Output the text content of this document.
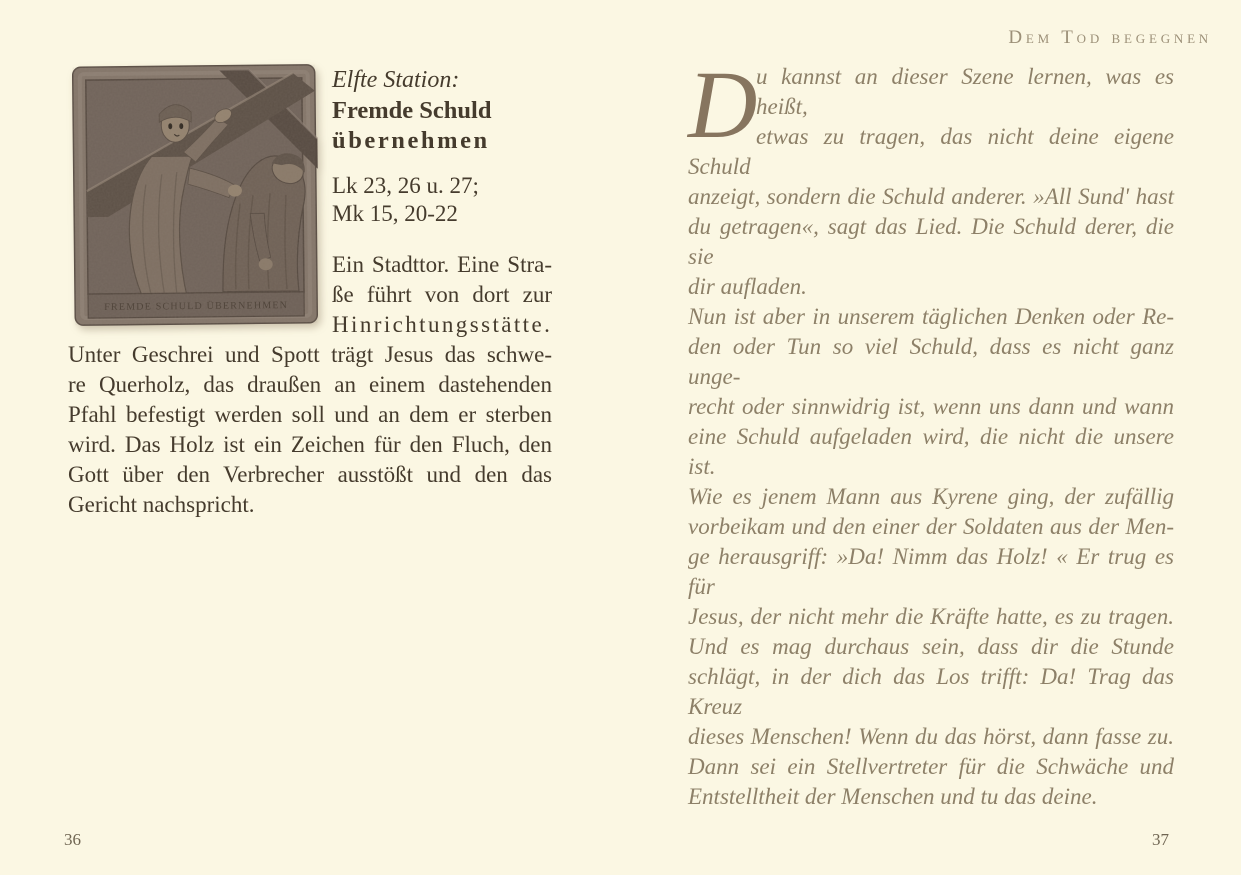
Dem Tod begegnen
Elfte Station:
Fremde Schuld
übernehmen
Lk 23, 26 u. 27;
Mk 15, 20-22
Ein Stadttor. Eine Stra-
ße führt von dort zur
Hinrichtungsstätte.
Unter Geschrei und Spott trägt Jesus das schwe-
re Querholz, das draußen an einem dastehenden
Pfahl befestigt werden soll und an dem er sterben
wird. Das Holz ist ein Zeichen für den Fluch, den
Gott über den Verbrecher ausstößt und den das
Gericht nachspricht.
36
D
u kannst an dieser Szene lernen, was es heißt,
etwas zu tragen, das nicht deine eigene Schuld
anzeigt, sondern die Schuld anderer. »All Sund' hast
du getragen«, sagt das Lied. Die Schuld derer, die sie
dir aufladen.
Nun ist aber in unserem täglichen Denken oder Re-
den oder Tun so viel Schuld, dass es nicht ganz unge-
recht oder sinnwidrig ist, wenn uns dann und wann
eine Schuld aufgeladen wird, die nicht die unsere ist.
Wie es jenem Mann aus Kyrene ging, der zufällig
vorbeikam und den einer der Soldaten aus der Men-
ge herausgriff: »Da! Nimm das Holz! « Er trug es für
Jesus, der nicht mehr die Kräfte hatte, es zu tragen.
Und es mag durchaus sein, dass dir die Stunde
schlägt, in der dich das Los trifft: Da! Trag das Kreuz
dieses Menschen! Wenn du das hörst, dann fasse zu.
Dann sei ein Stellvertreter für die Schwäche und
Entstelltheit der Menschen und tu das deine.
37
